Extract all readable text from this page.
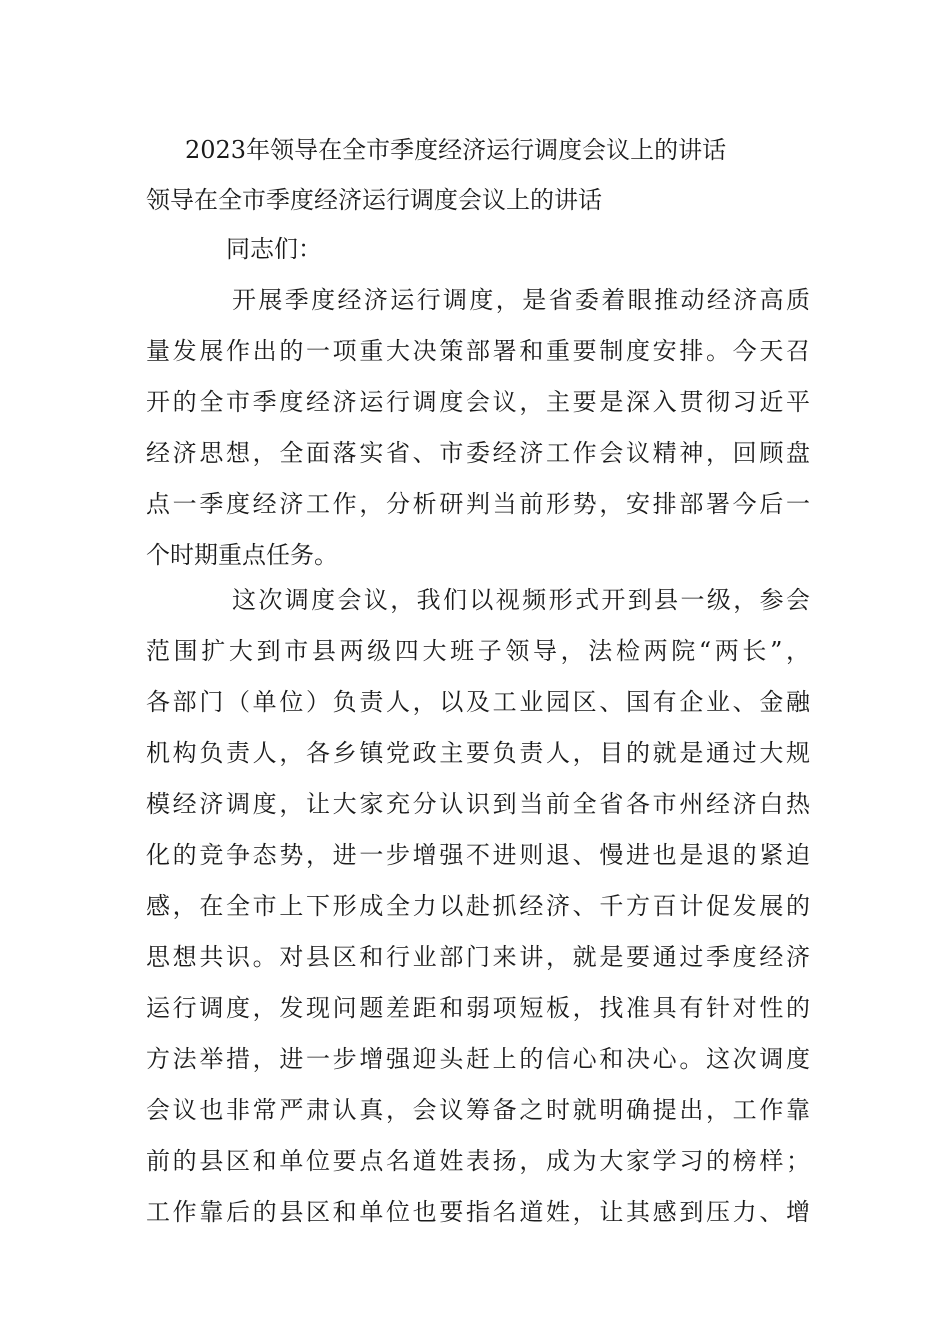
2023年领导在全市季度经济运行调度会议上的讲话
领导在全市季度经济运行调度会议上的讲话
同志们：
开展季度经济运行调度，是省委着眼推动经济高质
量发展作出的一项重大决策部署和重要制度安排。今天召
开的全市季度经济运行调度会议，主要是深入贯彻习近平
经济思想，全面落实省、市委经济工作会议精神，回顾盘
点一季度经济工作，分析研判当前形势，安排部署今后一
个时期重点任务。
这次调度会议，我们以视频形式开到县一级，参会
范围扩大到市县两级四大班子领导，法检两院“两长”，
各部门（单位）负责人，以及工业园区、国有企业、金融
机构负责人，各乡镇党政主要负责人，目的就是通过大规
模经济调度，让大家充分认识到当前全省各市州经济白热
化的竞争态势，进一步增强不进则退、慢进也是退的紧迫
感，在全市上下形成全力以赴抓经济、千方百计促发展的
思想共识。对县区和行业部门来讲，就是要通过季度经济
运行调度，发现问题差距和弱项短板，找准具有针对性的
方法举措，进一步增强迎头赶上的信心和决心。这次调度
会议也非常严肃认真，会议筹备之时就明确提出，工作靠
前的县区和单位要点名道姓表扬，成为大家学习的榜样；
工作靠后的县区和单位也要指名道姓，让其感到压力、增
